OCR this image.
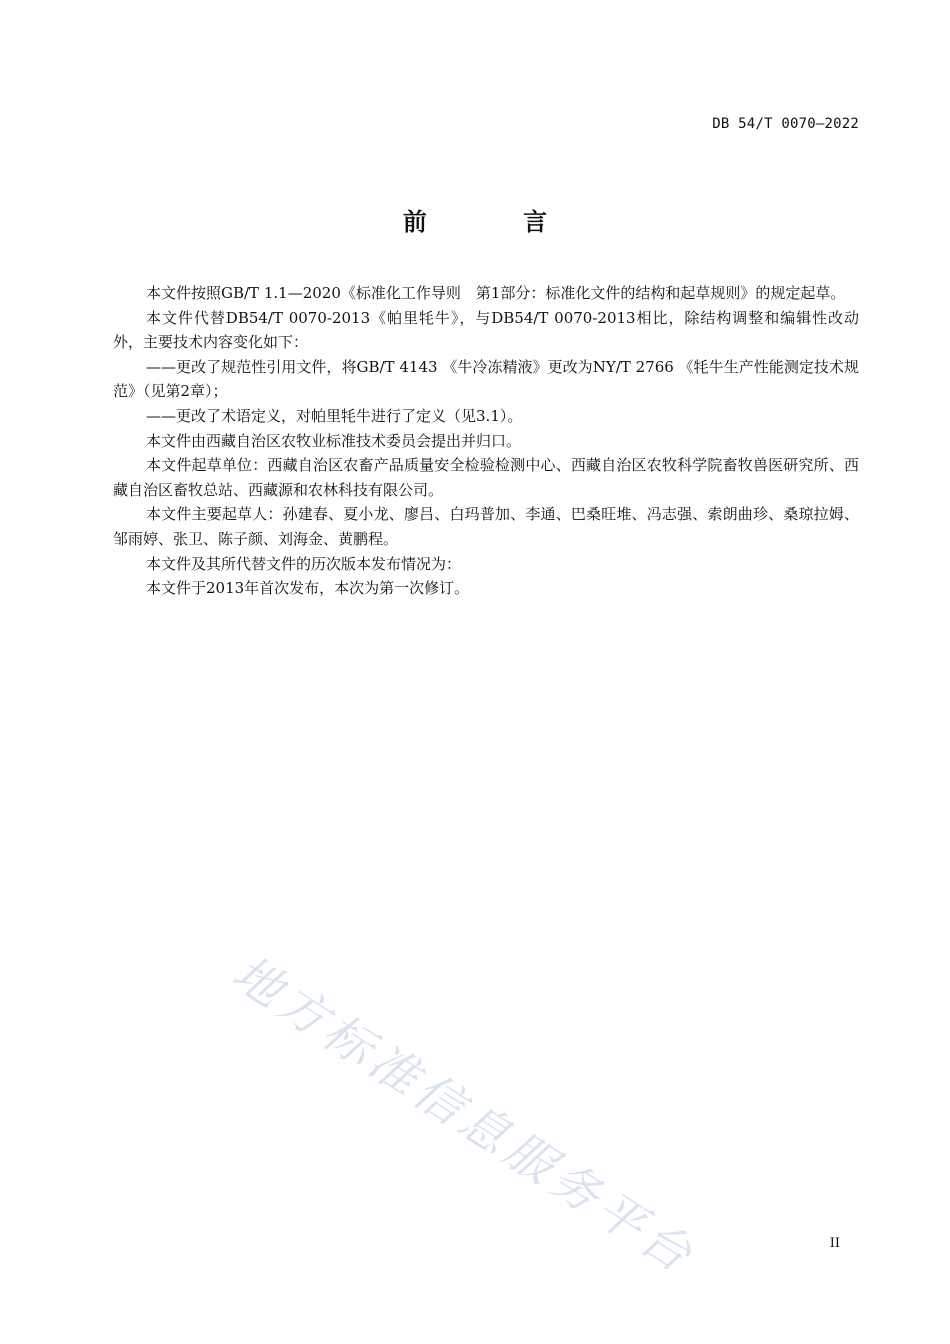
DB 54/T 0070—2022
前 言

本文件按照GB/T 1.1—2020《标准化工作导则　第1部分：标准化文件的结构和起草规则》的规定起草。

本文件代替DB54/T 0070-2013《帕里牦牛》，与DB54/T 0070-2013相比，除结构调整和编辑性改动外，主要技术内容变化如下：

——更改了规范性引用文件，将GB/T 4143 《牛冷冻精液》更改为NY/T 2766 《牦牛生产性能测定技术规范》（见第2章）；

——更改了术语定义，对帕里牦牛进行了定义（见3.1）。

本文件由西藏自治区农牧业标准技术委员会提出并归口。

本文件起草单位：西藏自治区农畜产品质量安全检验检测中心、西藏自治区农牧科学院畜牧兽医研究所、西藏自治区畜牧总站、西藏源和农林科技有限公司。

本文件主要起草人：孙建春、夏小龙、廖吕、白玛普加、李通、巴桑旺堆、冯志强、索朗曲珍、桑琼拉姆、邹雨婷、张卫、陈子颜、刘海金、黄鹏程。

本文件及其所代替文件的历次版本发布情况为：

本文件于2013年首次发布，本次为第一次修订。

地方标准信息服务平台	II
